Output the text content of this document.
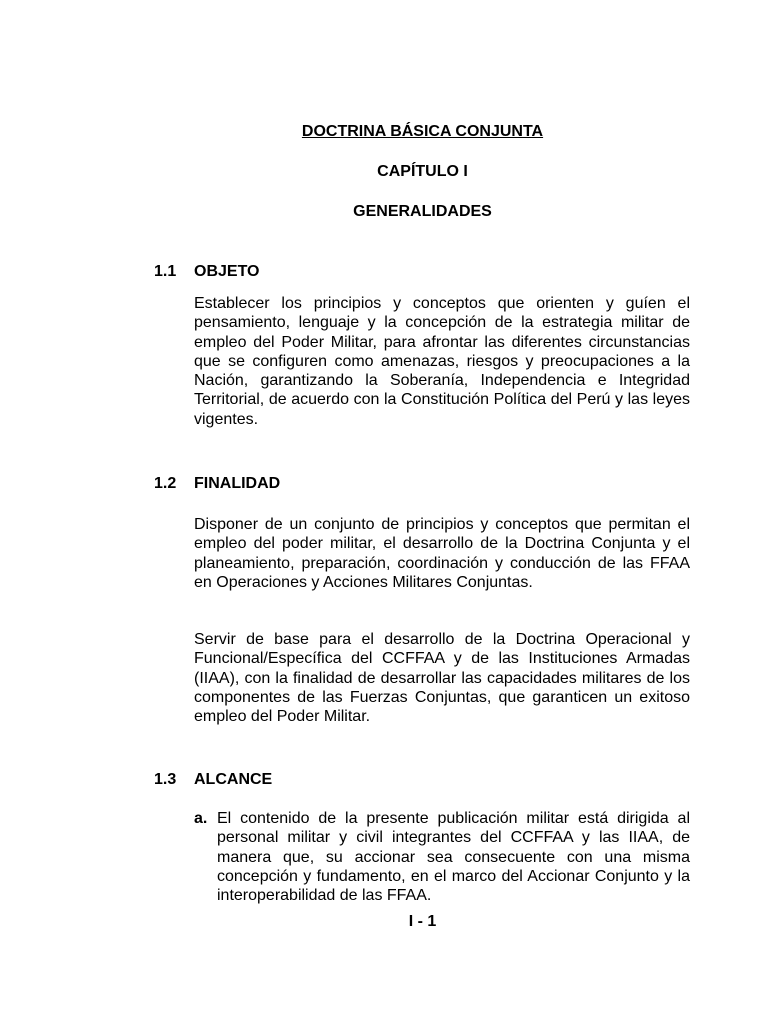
DOCTRINA BÁSICA CONJUNTA
CAPÍTULO I
GENERALIDADES
1.1 OBJETO

Establecer los principios y conceptos que orienten y guíen el pensamiento, lenguaje y la concepción de la estrategia militar de empleo del Poder Militar, para afrontar las diferentes circunstancias que se configuren como amenazas, riesgos y preocupaciones a la Nación, garantizando la Soberanía, Independencia e Integridad Territorial, de acuerdo con la Constitución Política del Perú y las leyes vigentes.

1.2 FINALIDAD

Disponer de un conjunto de principios y conceptos que permitan el empleo del poder militar, el desarrollo de la Doctrina Conjunta y el planeamiento, preparación, coordinación y conducción de las FFAA en Operaciones y Acciones Militares Conjuntas.

Servir de base para el desarrollo de la Doctrina Operacional y Funcional/Específica del CCFFAA y de las Instituciones Armadas (IIAA), con la finalidad de desarrollar las capacidades militares de los componentes de las Fuerzas Conjuntas, que garanticen un exitoso empleo del Poder Militar.

1.3 ALCANCE
a. El contenido de la presente publicación militar está dirigida al personal militar y civil integrantes del CCFFAA y las IIAA, de manera que, su accionar sea consecuente con una misma concepción y fundamento, en el marco del Accionar Conjunto y la interoperabilidad de las FFAA.
I - 1
